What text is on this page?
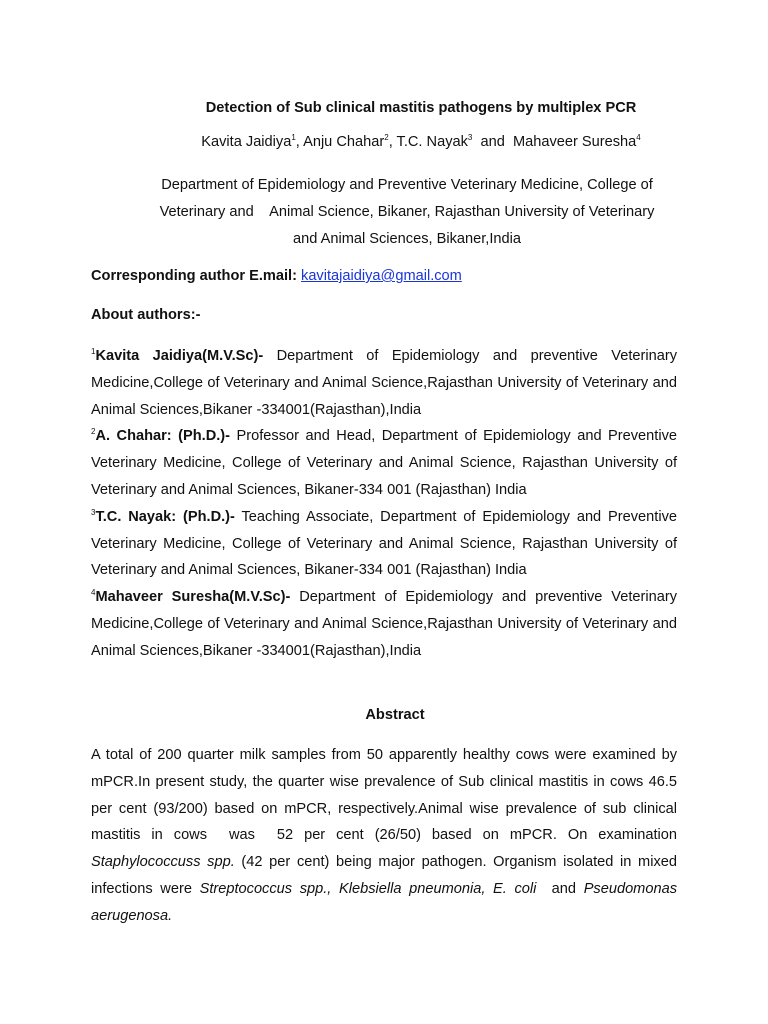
Detection of Sub clinical mastitis pathogens by multiplex PCR
Kavita Jaidiya$^1$, Anju Chahar$^2$, T.C. Nayak$^3$  and  Mahaveer Suresha$^4$
Department of Epidemiology and Preventive Veterinary Medicine, College of
Veterinary and    Animal Science, Bikaner, Rajasthan University of Veterinary
and Animal Sciences, Bikaner,India
Corresponding author E.mail: kavitajaidiya@gmail.com
About authors:-

$^1$Kavita Jaidiya(M.V.Sc)- Department of Epidemiology and preventive Veterinary Medicine,College of Veterinary and Animal Science,Rajasthan University of Veterinary and Animal Sciences,Bikaner -334001(Rajasthan),India

$^2$A. Chahar: (Ph.D.)- Professor and Head, Department of Epidemiology and Preventive Veterinary Medicine, College of Veterinary and Animal Science, Rajasthan University of Veterinary and Animal Sciences, Bikaner-334 001 (Rajasthan) India

$^3$T.C. Nayak: (Ph.D.)- Teaching Associate, Department of Epidemiology and Preventive Veterinary Medicine, College of Veterinary and Animal Science, Rajasthan University of Veterinary and Animal Sciences, Bikaner-334 001 (Rajasthan) India

$^4$Mahaveer Suresha(M.V.Sc)- Department of Epidemiology and preventive Veterinary Medicine,College of Veterinary and Animal Science,Rajasthan University of Veterinary and Animal Sciences,Bikaner -334001(Rajasthan),India

Abstract

A total of 200 quarter milk samples from 50 apparently healthy cows were examined by mPCR.In present study, the quarter wise prevalence of Sub clinical mastitis in cows 46.5 per cent (93/200) based on mPCR, respectively.Animal wise prevalence of sub clinical mastitis in cows  was  52 per cent (26/50) based on mPCR. On examination Staphylococcuss spp. (42 per cent) being major pathogen. Organism isolated in mixed infections were Streptococcus spp., Klebsiella pneumonia, E. coli  and Pseudomonas aerugenosa.
